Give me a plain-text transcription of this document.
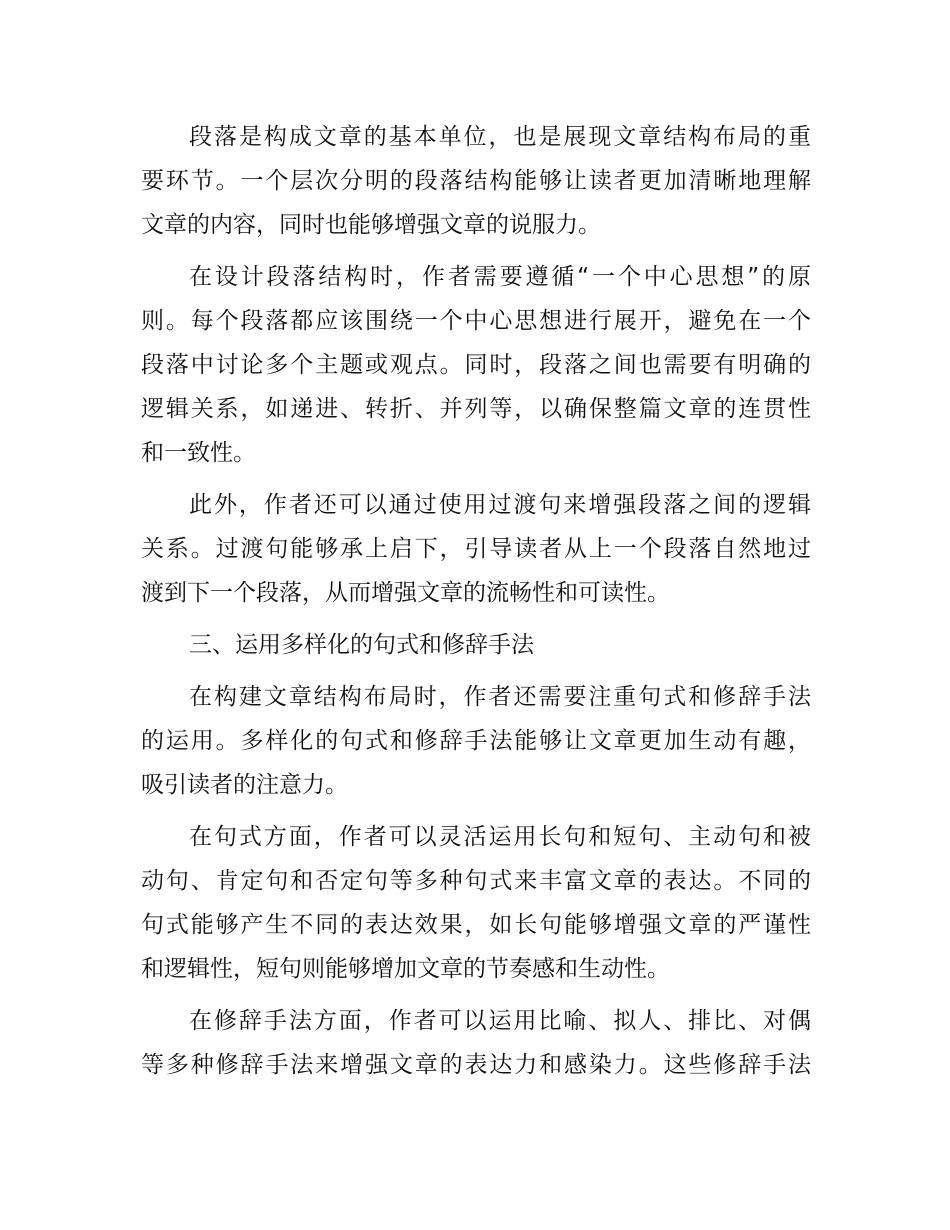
段落是构成文章的基本单位，也是展现文章结构布局的重
要环节。一个层次分明的段落结构能够让读者更加清晰地理解
文章的内容，同时也能够增强文章的说服力。
在设计段落结构时，作者需要遵循“一个中心思想”的原
则。每个段落都应该围绕一个中心思想进行展开，避免在一个
段落中讨论多个主题或观点。同时，段落之间也需要有明确的
逻辑关系，如递进、转折、并列等，以确保整篇文章的连贯性
和一致性。
此外，作者还可以通过使用过渡句来增强段落之间的逻辑
关系。过渡句能够承上启下，引导读者从上一个段落自然地过
渡到下一个段落，从而增强文章的流畅性和可读性。
三、运用多样化的句式和修辞手法
在构建文章结构布局时，作者还需要注重句式和修辞手法
的运用。多样化的句式和修辞手法能够让文章更加生动有趣，
吸引读者的注意力。
在句式方面，作者可以灵活运用长句和短句、主动句和被
动句、肯定句和否定句等多种句式来丰富文章的表达。不同的
句式能够产生不同的表达效果，如长句能够增强文章的严谨性
和逻辑性，短句则能够增加文章的节奏感和生动性。
在修辞手法方面，作者可以运用比喻、拟人、排比、对偶
等多种修辞手法来增强文章的表达力和感染力。这些修辞手法
